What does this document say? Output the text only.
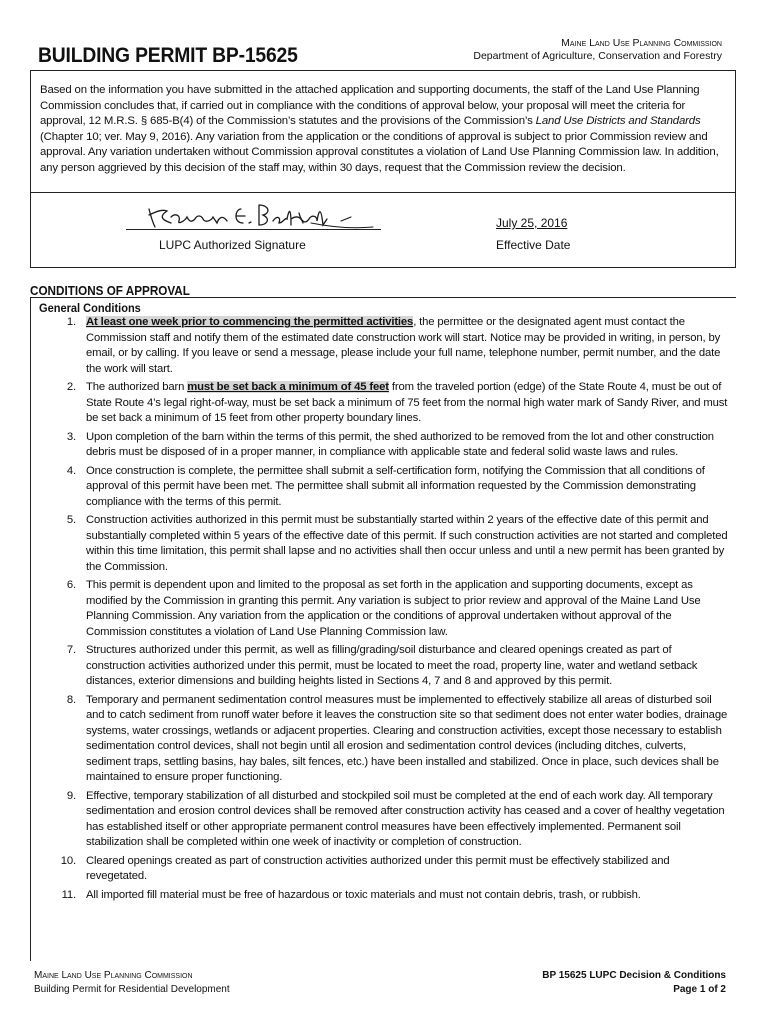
BUILDING PERMIT BP-15625
Maine Land Use Planning Commission
Department of Agriculture, Conservation and Forestry
Based on the information you have submitted in the attached application and supporting documents, the staff of the Land Use Planning Commission concludes that, if carried out in compliance with the conditions of approval below, your proposal will meet the criteria for approval, 12 M.R.S. § 685-B(4) of the Commission’s statutes and the provisions of the Commission’s Land Use Districts and Standards (Chapter 10; ver. May 9, 2016). Any variation from the application or the conditions of approval is subject to prior Commission review and approval. Any variation undertaken without Commission approval constitutes a violation of Land Use Planning Commission law. In addition, any person aggrieved by this decision of the staff may, within 30 days, request that the Commission review the decision.
LUPC Authorized Signature
July 25, 2016
Effective Date
CONDITIONS OF APPROVAL
General Conditions
1. At least one week prior to commencing the permitted activities, the permittee or the designated agent must contact the Commission staff and notify them of the estimated date construction work will start. Notice may be provided in writing, in person, by email, or by calling. If you leave or send a message, please include your full name, telephone number, permit number, and the date the work will start.
2. The authorized barn must be set back a minimum of 45 feet from the traveled portion (edge) of the State Route 4, must be out of State Route 4’s legal right-of-way, must be set back a minimum of 75 feet from the normal high water mark of Sandy River, and must be set back a minimum of 15 feet from other property boundary lines.
3. Upon completion of the barn within the terms of this permit, the shed authorized to be removed from the lot and other construction debris must be disposed of in a proper manner, in compliance with applicable state and federal solid waste laws and rules.
4. Once construction is complete, the permittee shall submit a self-certification form, notifying the Commission that all conditions of approval of this permit have been met. The permittee shall submit all information requested by the Commission demonstrating compliance with the terms of this permit.
5. Construction activities authorized in this permit must be substantially started within 2 years of the effective date of this permit and substantially completed within 5 years of the effective date of this permit. If such construction activities are not started and completed within this time limitation, this permit shall lapse and no activities shall then occur unless and until a new permit has been granted by the Commission.
6. This permit is dependent upon and limited to the proposal as set forth in the application and supporting documents, except as modified by the Commission in granting this permit. Any variation is subject to prior review and approval of the Maine Land Use Planning Commission. Any variation from the application or the conditions of approval undertaken without approval of the Commission constitutes a violation of Land Use Planning Commission law.
7. Structures authorized under this permit, as well as filling/grading/soil disturbance and cleared openings created as part of construction activities authorized under this permit, must be located to meet the road, property line, water and wetland setback distances, exterior dimensions and building heights listed in Sections 4, 7 and 8 and approved by this permit.
8. Temporary and permanent sedimentation control measures must be implemented to effectively stabilize all areas of disturbed soil and to catch sediment from runoff water before it leaves the construction site so that sediment does not enter water bodies, drainage systems, water crossings, wetlands or adjacent properties. Clearing and construction activities, except those necessary to establish sedimentation control devices, shall not begin until all erosion and sedimentation control devices (including ditches, culverts, sediment traps, settling basins, hay bales, silt fences, etc.) have been installed and stabilized. Once in place, such devices shall be maintained to ensure proper functioning.
9. Effective, temporary stabilization of all disturbed and stockpiled soil must be completed at the end of each work day. All temporary sedimentation and erosion control devices shall be removed after construction activity has ceased and a cover of healthy vegetation has established itself or other appropriate permanent control measures have been effectively implemented. Permanent soil stabilization shall be completed within one week of inactivity or completion of construction.
10. Cleared openings created as part of construction activities authorized under this permit must be effectively stabilized and revegetated.
11. All imported fill material must be free of hazardous or toxic materials and must not contain debris, trash, or rubbish.
Maine Land Use Planning Commission
Building Permit for Residential Development
BP 15625 LUPC Decision & Conditions
Page 1 of 2
